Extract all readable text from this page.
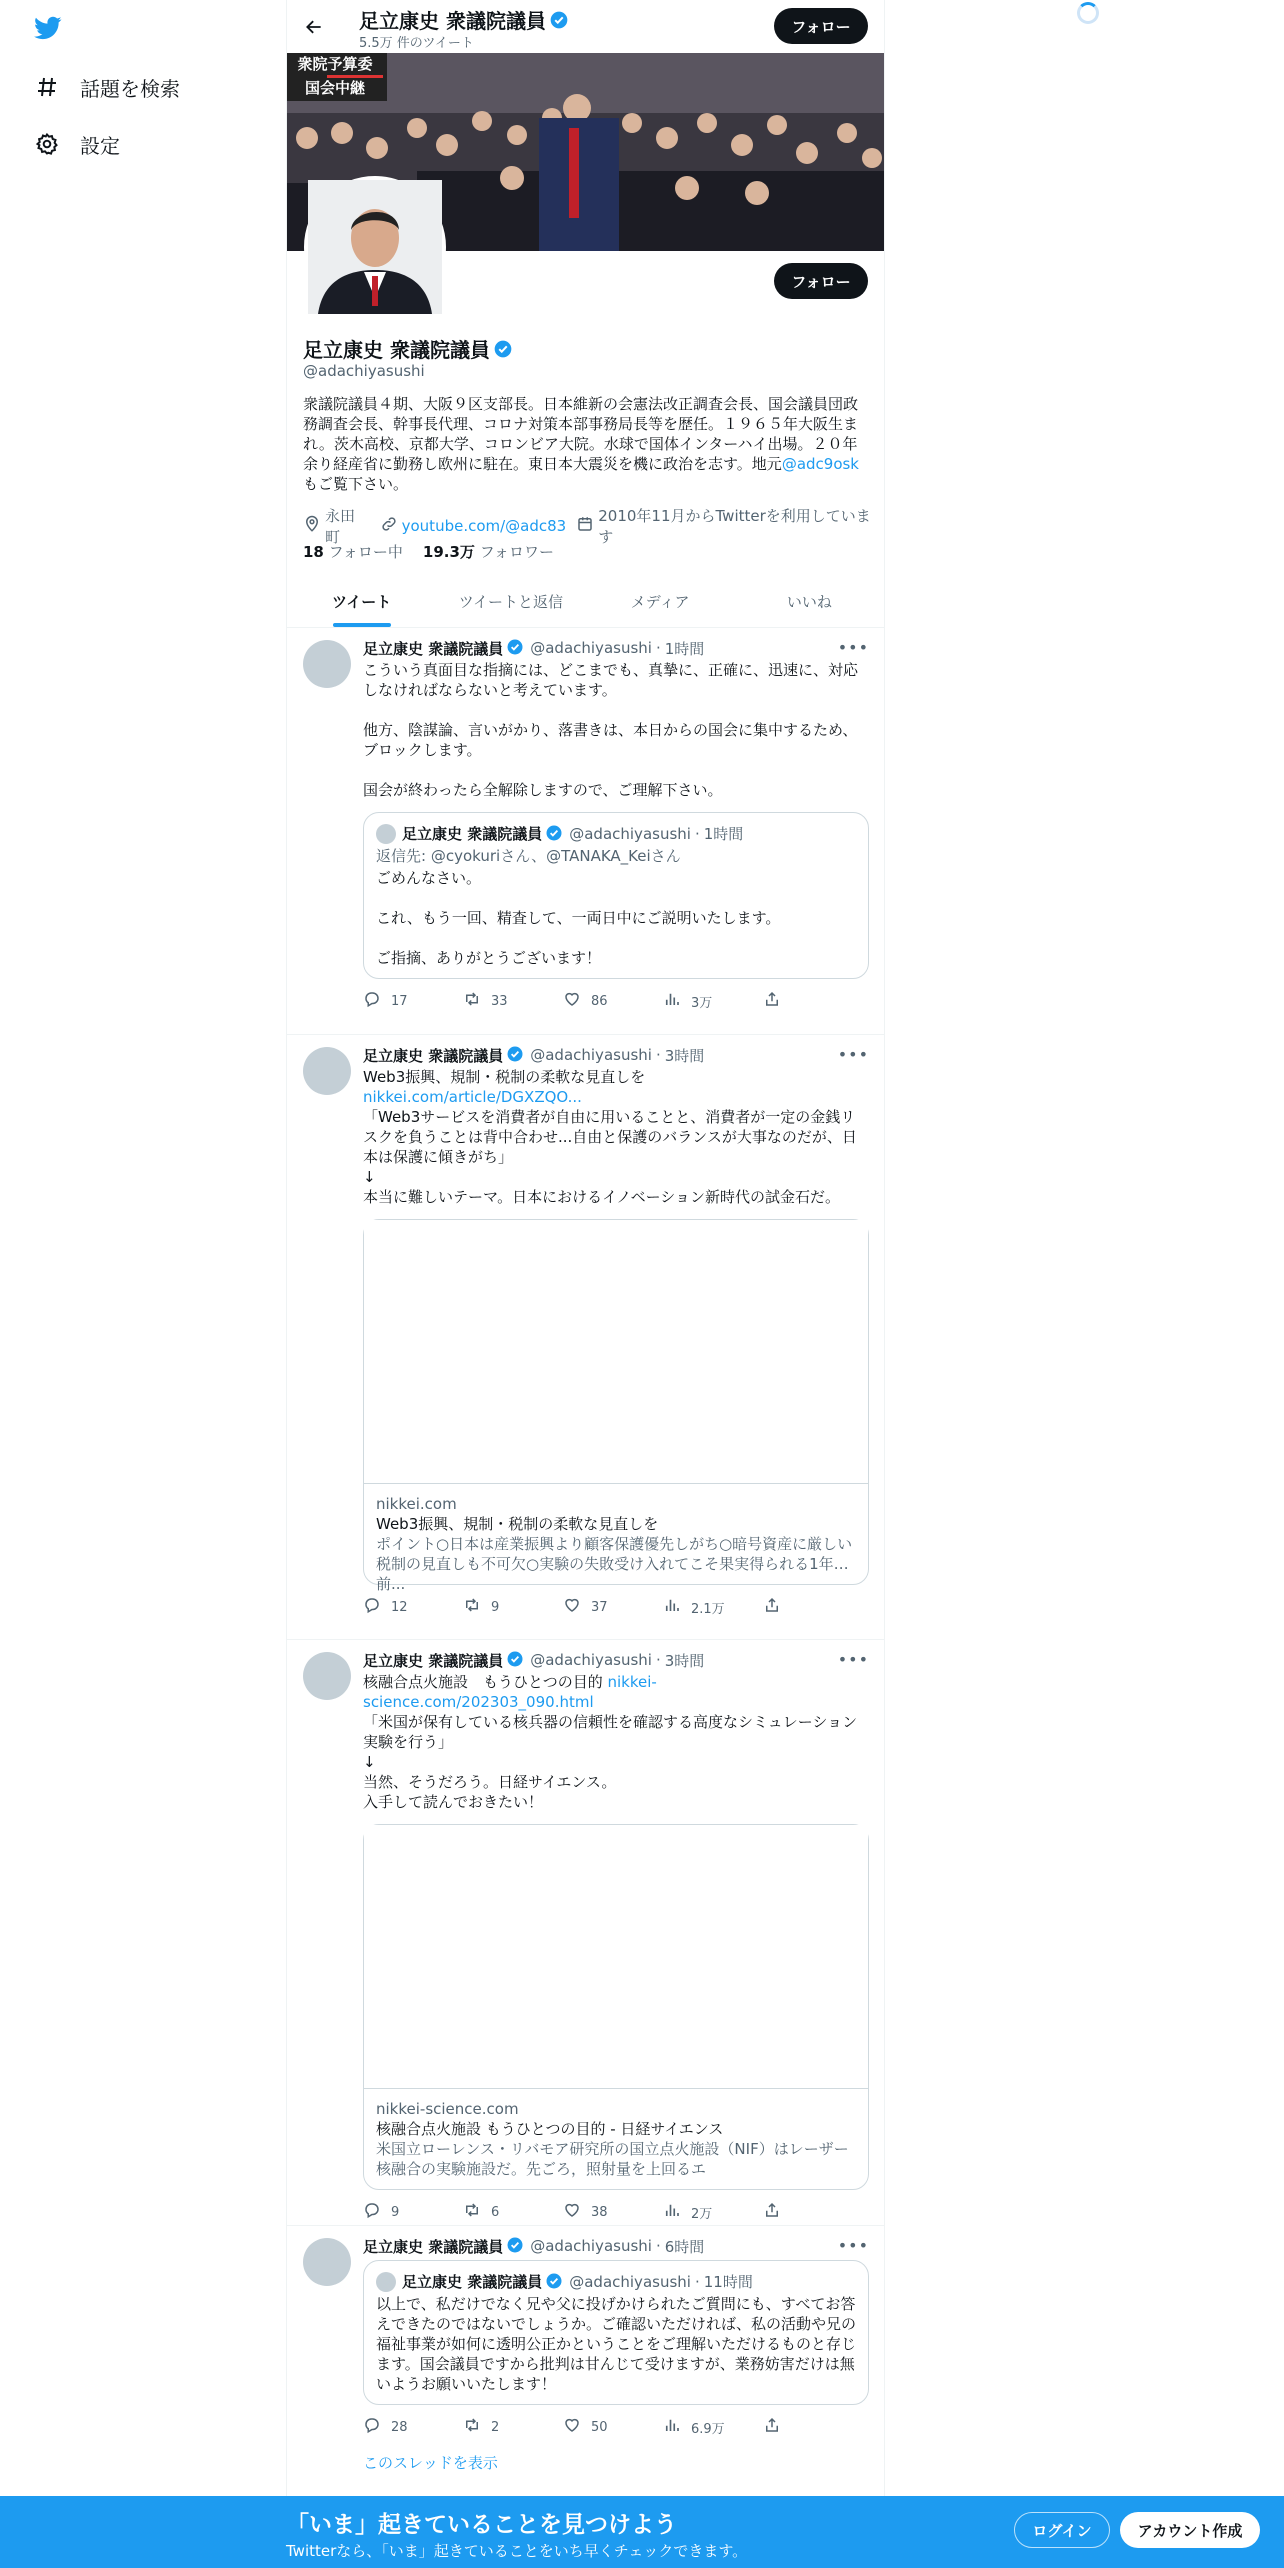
話題を検索
設定
足立康史 衆議院議員
5.5万 件のツイート
フォロー
衆院予算委
国会中継
フォロー
足立康史 衆議院議員
@adachiyasushi
衆議院議員４期、大阪９区支部長。日本維新の会憲法改正調査会長、国会議員団政務調査会長、幹事長代理、コロナ対策本部事務局長等を歴任。１９６５年大阪生まれ。茨木高校、京都大学、コロンビア大院。水球で国体インターハイ出場。２０年余り経産省に勤務し欧州に駐在。東日本大震災を機に政治を志す。地元@adc9oskもご覧下さい。
永田町
youtube.com/@adc83
2010年11月からTwitterを利用しています
18 フォロー中 19.3万 フォロワー
ツイート	ツイートと返信	メディア	いいね
足立康史 衆議院議員 @adachiyasushi · 1時間	•••
こういう真面目な指摘には、どこまでも、真摯に、正確に、迅速に、対応しなければならないと考えています。

他方、陰謀論、言いがかり、落書きは、本日からの国会に集中するため、ブロックします。

国会が終わったら全解除しますので、ご理解下さい。
足立康史 衆議院議員 @adachiyasushi · 1時間
返信先: @cyokuriさん、@TANAKA_Keiさん
ごめんなさい。

これ、もう一回、精査して、一両日中にご説明いたします。

ご指摘、ありがとうございます！
17	33	86	3万
足立康史 衆議院議員 @adachiyasushi · 3時間	•••
Web3振興、規制・税制の柔軟な見直しを
nikkei.com/article/DGXZQO...
「Web3サービスを消費者が自由に用いることと、消費者が一定の金銭リスクを負うことは背中合わせ...自由と保護のバランスが大事なのだが、日本は保護に傾きがち」
↓
本当に難しいテーマ。日本におけるイノベーション新時代の試金石だ。
nikkei.com
Web3振興、規制・税制の柔軟な見直しを
ポイント○日本は産業振興より顧客保護優先しがち○暗号資産に厳しい税制の見直しも不可欠○実験の失敗受け入れてこそ果実得られる1年前...
12	9	37	2.1万
足立康史 衆議院議員 @adachiyasushi · 3時間	•••
核融合点火施設　もうひとつの目的 nikkei-science.com/202303_090.html
「米国が保有している核兵器の信頼性を確認する高度なシミュレーション実験を行う」
↓
当然、そうだろう。日経サイエンス。
入手して読んでおきたい！
nikkei-science.com
核融合点火施設 もうひとつの目的 - 日経サイエンス
米国立ローレンス・リバモア研究所の国立点火施設（NIF）はレーザー核融合の実験施設だ。先ごろ，照射量を上回るエ
9	6	38	2万
足立康史 衆議院議員 @adachiyasushi · 6時間	•••
足立康史 衆議院議員 @adachiyasushi · 11時間
以上で、私だけでなく兄や父に投げかけられたご質問にも、すべてお答えできたのではないでしょうか。ご確認いただければ、私の活動や兄の福祉事業が如何に透明公正かということをご理解いただけるものと存じます。国会議員ですから批判は甘んじて受けますが、業務妨害だけは無いようお願いいたします！
28	2	50	6.9万
このスレッドを表示
「いま」起きていることを見つけよう
Twitterなら、「いま」起きていることをいち早くチェックできます。
ログイン	アカウント作成
